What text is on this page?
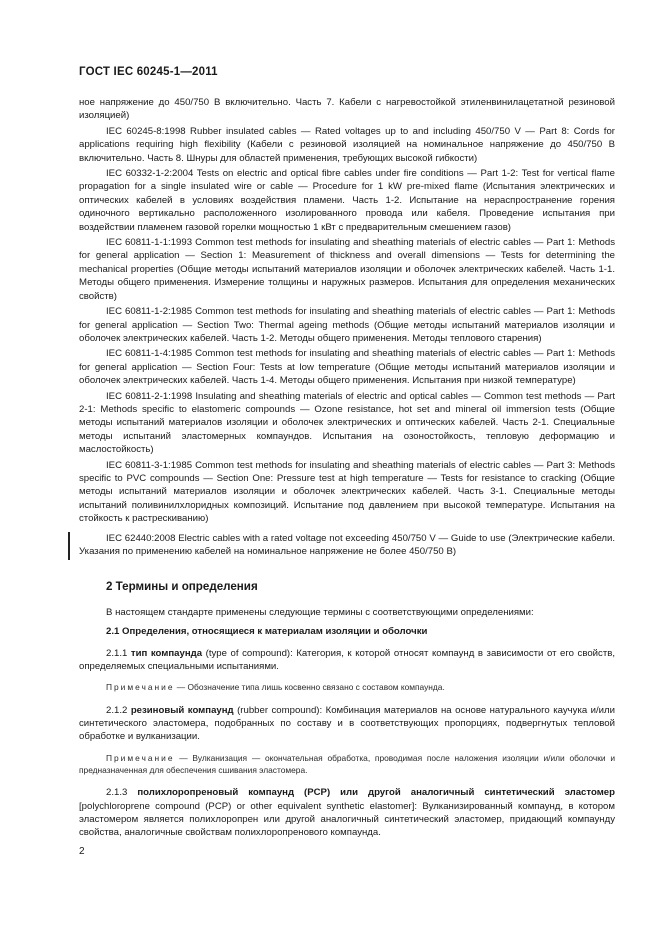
ГОСТ IEC 60245-1—2011

ное напряжение до 450/750 В включительно. Часть 7. Кабели с нагревостойкой этиленвинилацетатной резиновой изоляцией)

IEC 60245-8:1998 Rubber insulated cables — Rated voltages up to and including 450/750 V — Part 8: Cords for applications requiring high flexibility (Кабели с резиновой изоляцией на номинальное напряжение до 450/750 В включительно. Часть 8. Шнуры для областей применения, требующих высокой гибкости)

IEC 60332-1-2:2004 Tests on electric and optical fibre cables under fire conditions — Part 1-2: Test for vertical flame propagation for a single insulated wire or cable — Procedure for 1 kW pre-mixed flame (Испытания электрических и оптических кабелей в условиях воздействия пламени. Часть 1-2. Испытание на нераспространение горения одиночного вертикально расположенного изолированного провода или кабеля. Проведение испытания при воздействии пламенем газовой горелки мощностью 1 кВт с предварительным смешением газов)

IEC 60811-1-1:1993 Common test methods for insulating and sheathing materials of electric cables — Part 1: Methods for general application — Section 1: Measurement of thickness and overall dimensions — Tests for determining the mechanical properties (Общие методы испытаний материалов изоляции и оболочек электрических кабелей. Часть 1-1. Методы общего применения. Измерение толщины и наружных размеров. Испытания для определения механических свойств)

IEC 60811-1-2:1985 Common test methods for insulating and sheathing materials of electric cables — Part 1: Methods for general application — Section Two: Thermal ageing methods (Общие методы испытаний материалов изоляции и оболочек электрических кабелей. Часть 1-2. Методы общего применения. Методы теплового старения)

IEC 60811-1-4:1985 Common test methods for insulating and sheathing materials of electric cables — Part 1: Methods for general application — Section Four: Tests at low temperature (Общие методы испытаний материалов изоляции и оболочек электрических кабелей. Часть 1-4. Методы общего применения. Испытания при низкой температуре)

IEC 60811-2-1:1998 Insulating and sheathing materials of electric and optical cables — Common test methods — Part 2-1: Methods specific to elastomeric compounds — Ozone resistance, hot set and mineral oil immersion tests (Общие методы испытаний материалов изоляции и оболочек электрических и оптических кабелей. Часть 2-1. Специальные методы испытаний эластомерных компаундов. Испытания на озоностойкость, тепловую деформацию и маслостойкость)

IEC 60811-3-1:1985 Common test methods for insulating and sheathing materials of electric cables — Part 3: Methods specific to PVC compounds — Section One: Pressure test at high temperature — Tests for resistance to cracking (Общие методы испытаний материалов изоляции и оболочек электрических кабелей. Часть 3-1. Специальные методы испытаний поливинилхлоридных композиций. Испытание под давлением при высокой температуре. Испытания на стойкость к растрескиванию)

IEC 62440:2008 Electric cables with a rated voltage not exceeding 450/750 V — Guide to use (Электрические кабели. Указания по применению кабелей на номинальное напряжение не более 450/750 В)

2 Термины и определения

В настоящем стандарте применены следующие термины с соответствующими определениями:

2.1 Определения, относящиеся к материалам изоляции и оболочки

2.1.1 тип компаунда (type of compound): Категория, к которой относят компаунд в зависимости от его свойств, определяемых специальными испытаниями.

Примечание — Обозначение типа лишь косвенно связано с составом компаунда.

2.1.2 резиновый компаунд (rubber compound): Комбинация материалов на основе натурального каучука и/или синтетического эластомера, подобранных по составу и в соответствующих пропорциях, подвергнутых тепловой обработке и вулканизации.

Примечание — Вулканизация — окончательная обработка, проводимая после наложения изоляции и/или оболочки и предназначенная для обеспечения сшивания эластомера.

2.1.3 полихлоропреновый компаунд (PCP) или другой аналогичный синтетический эластомер [polychloroprene compound (PCP) or other equivalent synthetic elastomer]: Вулканизированный компаунд, в котором эластомером является полихлоропрен или другой аналогичный синтетический эластомер, придающий компаунду свойства, аналогичные свойствам полихлоропренового компаунда.

2
